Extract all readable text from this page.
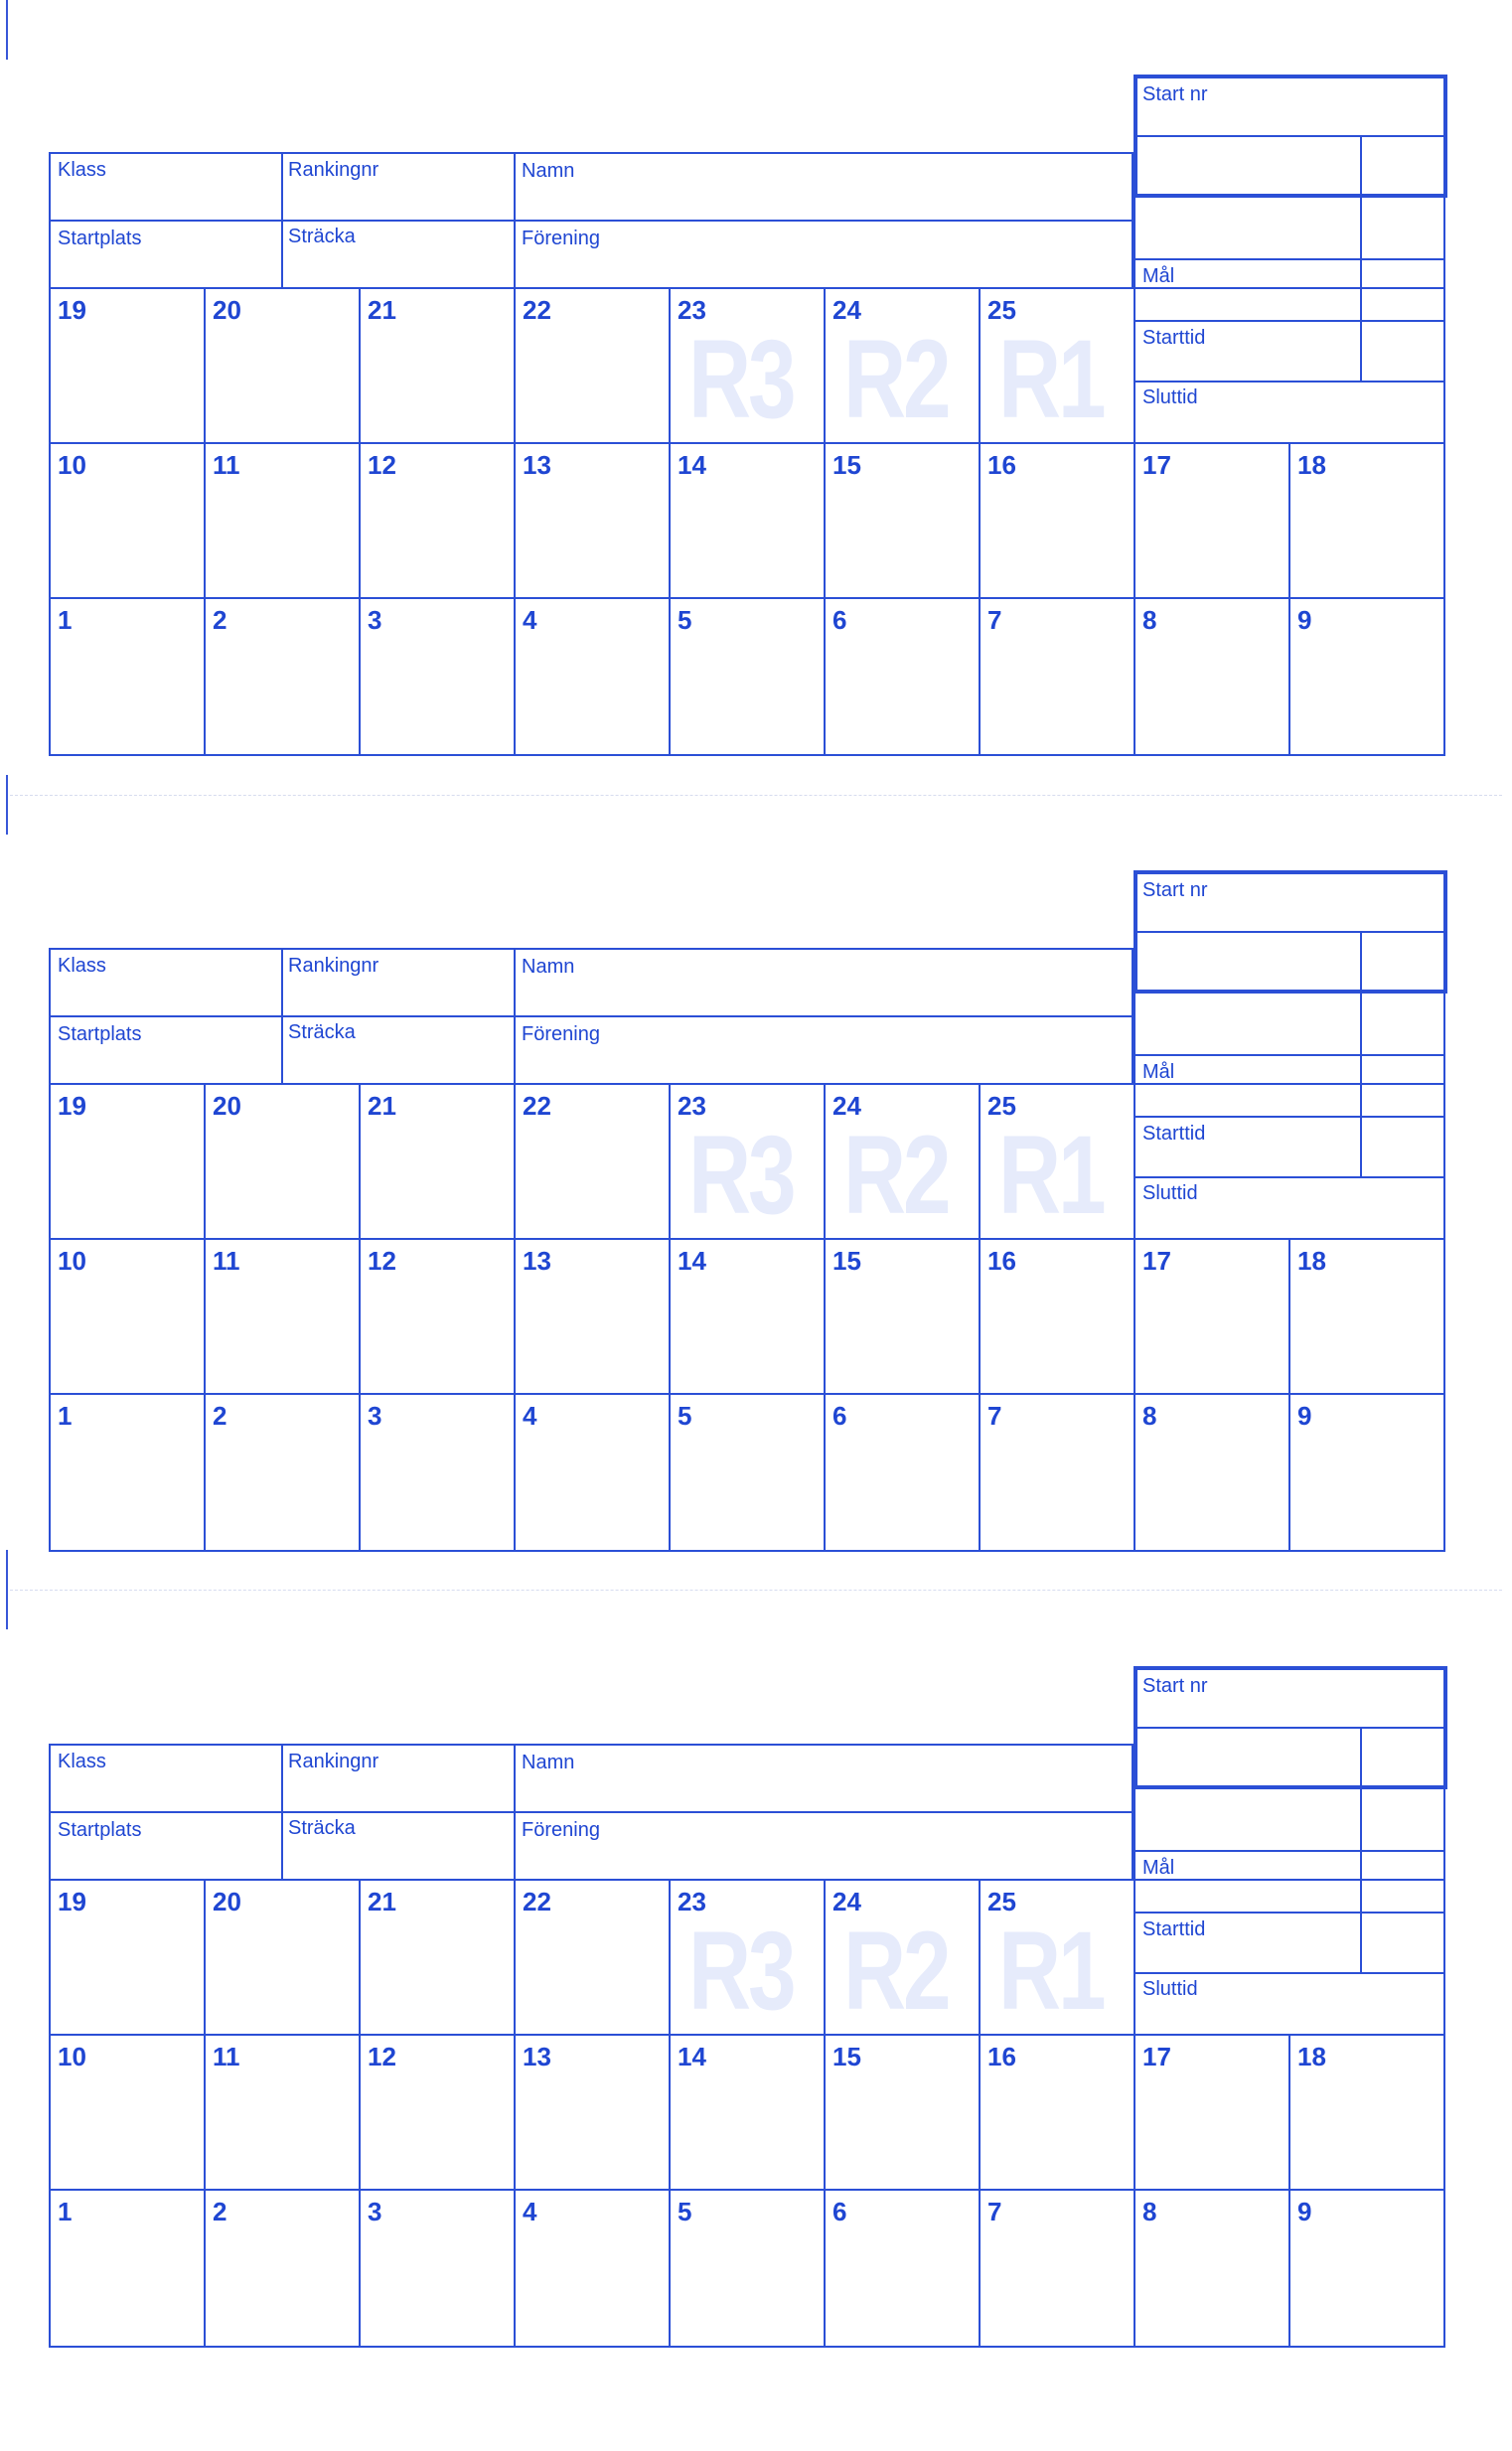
Start nr
Mål
Starttid
Sluttid
Klass	Rankingnr	Namn
Startplats	Sträcka	Förening
R3 R2 R1
19	20	21	22	23	24	25
10	11	12	13	14	15	16	17	18
1	2	3	4	5	6	7	8	9
Start nr
Mål
Starttid
Sluttid
Klass	Rankingnr	Namn
Startplats	Sträcka	Förening
R3 R2 R1
19	20	21	22	23	24	25
10	11	12	13	14	15	16	17	18
1	2	3	4	5	6	7	8	9
Start nr
Mål
Starttid
Sluttid
Klass	Rankingnr	Namn
Startplats	Sträcka	Förening
R3 R2 R1
19	20	21	22	23	24	25
10	11	12	13	14	15	16	17	18
1	2	3	4	5	6	7	8	9
